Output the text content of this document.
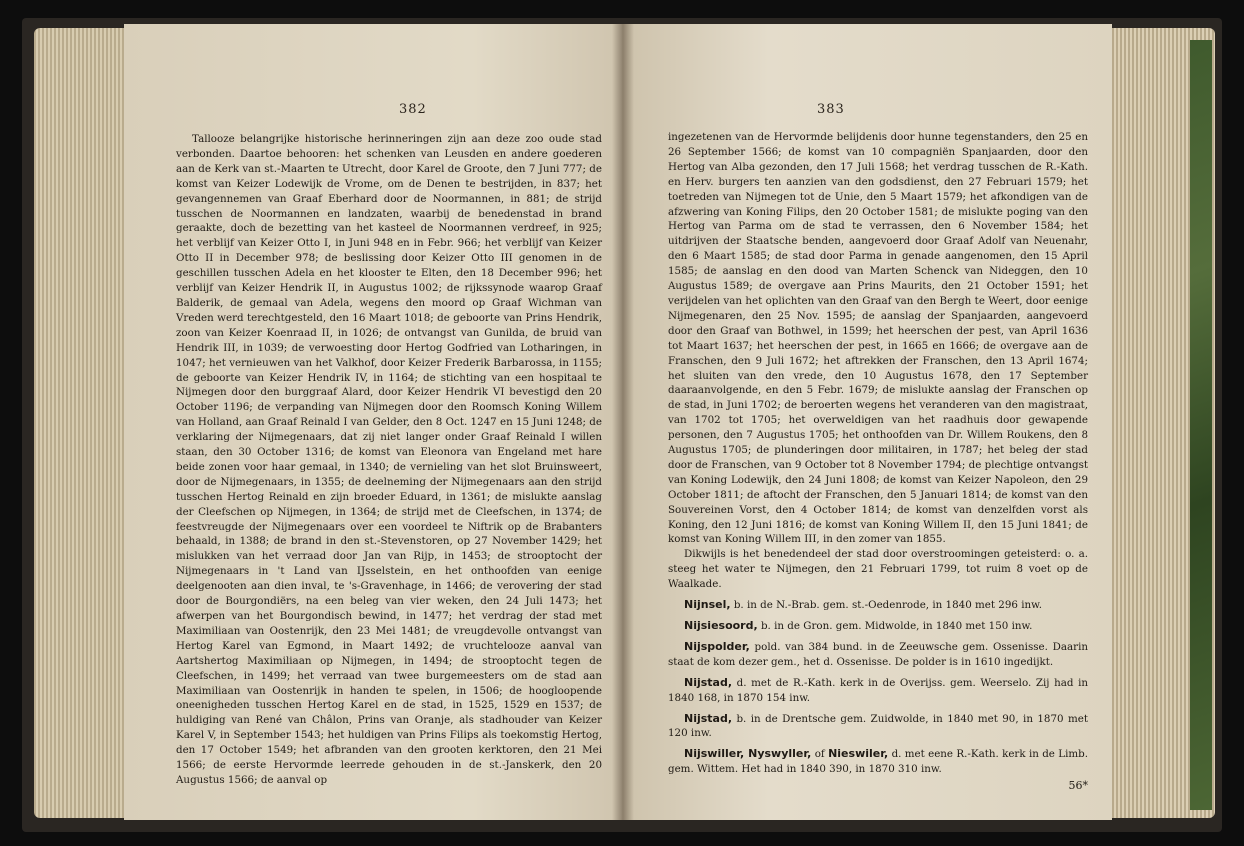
382

Tallooze belangrijke historische herinneringen zijn aan deze zoo oude stad verbonden. Daartoe behooren: het schenken van Leusden en andere goederen aan de Kerk van st.-Maarten te Utrecht, door Karel de Groote, den 7 Juni 777; de komst van Keizer Lodewijk de Vrome, om de Denen te bestrijden, in 837; het gevangennemen van Graaf Eberhard door de Noormannen, in 881; de strijd tusschen de Noormannen en landzaten, waarbij de benedenstad in brand geraakte, doch de bezetting van het kasteel de Noormannen verdreef, in 925; het verblijf van Keizer Otto I, in Juni 948 en in Febr. 966; het verblijf van Keizer Otto II in December 978; de beslissing door Keizer Otto III genomen in de geschillen tusschen Adela en het klooster te Elten, den 18 December 996; het verblijf van Keizer Hendrik II, in Augustus 1002; de rijkssynode waarop Graaf Balderik, de gemaal van Adela, wegens den moord op Graaf Wichman van Vreden werd terechtgesteld, den 16 Maart 1018; de geboorte van Prins Hendrik, zoon van Keizer Koenraad II, in 1026; de ontvangst van Gunilda, de bruid van Hendrik III, in 1039; de verwoesting door Hertog Godfried van Lotharingen, in 1047; het vernieuwen van het Valkhof, door Keizer Frederik Barbarossa, in 1155; de geboorte van Keizer Hendrik IV, in 1164; de stichting van een hospitaal te Nijmegen door den burggraaf Alard, door Keizer Hendrik VI bevestigd den 20 October 1196; de verpanding van Nijmegen door den Roomsch Koning Willem van Holland, aan Graaf Reinald I van Gelder, den 8 Oct. 1247 en 15 Juni 1248; de verklaring der Nijmegenaars, dat zij niet langer onder Graaf Reinald I willen staan, den 30 October 1316; de komst van Eleonora van Engeland met hare beide zonen voor haar gemaal, in 1340; de vernieling van het slot Bruinsweert, door de Nijmegenaars, in 1355; de deelneming der Nijmegenaars aan den strijd tusschen Hertog Reinald en zijn broeder Eduard, in 1361; de mislukte aanslag der Cleefschen op Nijmegen, in 1364; de strijd met de Cleefschen, in 1374; de feestvreugde der Nijmegenaars over een voordeel te Niftrik op de Brabanters behaald, in 1388; de brand in den st.-Stevenstoren, op 27 November 1429; het mislukken van het verraad door Jan van Rijp, in 1453; de strooptocht der Nijmegenaars in 't Land van IJsselstein, en het onthoofden van eenige deelgenooten aan dien inval, te 's-Gravenhage, in 1466; de verovering der stad door de Bourgondiërs, na een beleg van vier weken, den 24 Juli 1473; het afwerpen van het Bourgondisch bewind, in 1477; het verdrag der stad met Maximiliaan van Oostenrijk, den 23 Mei 1481; de vreugdevolle ontvangst van Hertog Karel van Egmond, in Maart 1492; de vruchtelooze aanval van Aartshertog Maximiliaan op Nijmegen, in 1494; de strooptocht tegen de Cleefschen, in 1499; het verraad van twee burgemeesters om de stad aan Maximiliaan van Oostenrijk in handen te spelen, in 1506; de hoogloopende oneenigheden tusschen Hertog Karel en de stad, in 1525, 1529 en 1537; de huldiging van René van Châlon, Prins van Oranje, als stadhouder van Keizer Karel V, in September 1543; het huldigen van Prins Filips als toekomstig Hertog, den 17 October 1549; het afbranden van den grooten kerktoren, den 21 Mei 1566; de eerste Hervormde leerrede gehouden in de st.-Janskerk, den 20 Augustus 1566; de aanval op

383

ingezetenen van de Hervormde belijdenis door hunne tegenstanders, den 25 en 26 September 1566; de komst van 10 compagniën Spanjaarden, door den Hertog van Alba gezonden, den 17 Juli 1568; het verdrag tusschen de R.-Kath. en Herv. burgers ten aanzien van den godsdienst, den 27 Februari 1579; het toetreden van Nijmegen tot de Unie, den 5 Maart 1579; het afkondigen van de afzwering van Koning Filips, den 20 October 1581; de mislukte poging van den Hertog van Parma om de stad te verrassen, den 6 November 1584; het uitdrijven der Staatsche benden, aangevoerd door Graaf Adolf van Neuenahr, den 6 Maart 1585; de stad door Parma in genade aangenomen, den 15 April 1585; de aanslag en den dood van Marten Schenck van Nideggen, den 10 Augustus 1589; de overgave aan Prins Maurits, den 21 October 1591; het verijdelen van het oplichten van den Graaf van den Bergh te Weert, door eenige Nijmegenaren, den 25 Nov. 1595; de aanslag der Spanjaarden, aangevoerd door den Graaf van Bothwel, in 1599; het heerschen der pest, van April 1636 tot Maart 1637; het heerschen der pest, in 1665 en 1666; de overgave aan de Franschen, den 9 Juli 1672; het aftrekken der Franschen, den 13 April 1674; het sluiten van den vrede, den 10 Augustus 1678, den 17 September daaraanvolgende, en den 5 Febr. 1679; de mislukte aanslag der Franschen op de stad, in Juni 1702; de beroerten wegens het veranderen van den magistraat, van 1702 tot 1705; het overweldigen van het raadhuis door gewapende personen, den 7 Augustus 1705; het onthoofden van Dr. Willem Roukens, den 8 Augustus 1705; de plunderingen door militairen, in 1787; het beleg der stad door de Franschen, van 9 October tot 8 November 1794; de plechtige ontvangst van Koning Lodewijk, den 24 Juni 1808; de komst van Keizer Napoleon, den 29 October 1811; de aftocht der Franschen, den 5 Januari 1814; de komst van den Souvereinen Vorst, den 4 October 1814; de komst van denzelfden vorst als Koning, den 12 Juni 1816; de komst van Koning Willem II, den 15 Juni 1841; de komst van Koning Willem III, in den zomer van 1855.

Dikwijls is het benedendeel der stad door overstroomingen geteisterd: o. a. steeg het water te Nijmegen, den 21 Februari 1799, tot ruim 8 voet op de Waalkade.

Nijnsel, b. in de N.-Brab. gem. st.-Oedenrode, in 1840 met 296 inw.

Nijsiesoord, b. in de Gron. gem. Midwolde, in 1840 met 150 inw.

Nijspolder, pold. van 384 bund. in de Zeeuwsche gem. Ossenisse. Daarin staat de kom dezer gem., het d. Ossenisse. De polder is in 1610 ingedijkt.

Nijstad, d. met de R.-Kath. kerk in de Overijss. gem. Weerselo. Zij had in 1840 168, in 1870 154 inw.

Nijstad, b. in de Drentsche gem. Zuidwolde, in 1840 met 90, in 1870 met 120 inw.

Nijswiller, Nyswyller, of Nieswiler, d. met eene R.-Kath. kerk in de Limb. gem. Wittem. Het had in 1840 390, in 1870 310 inw.

56*
